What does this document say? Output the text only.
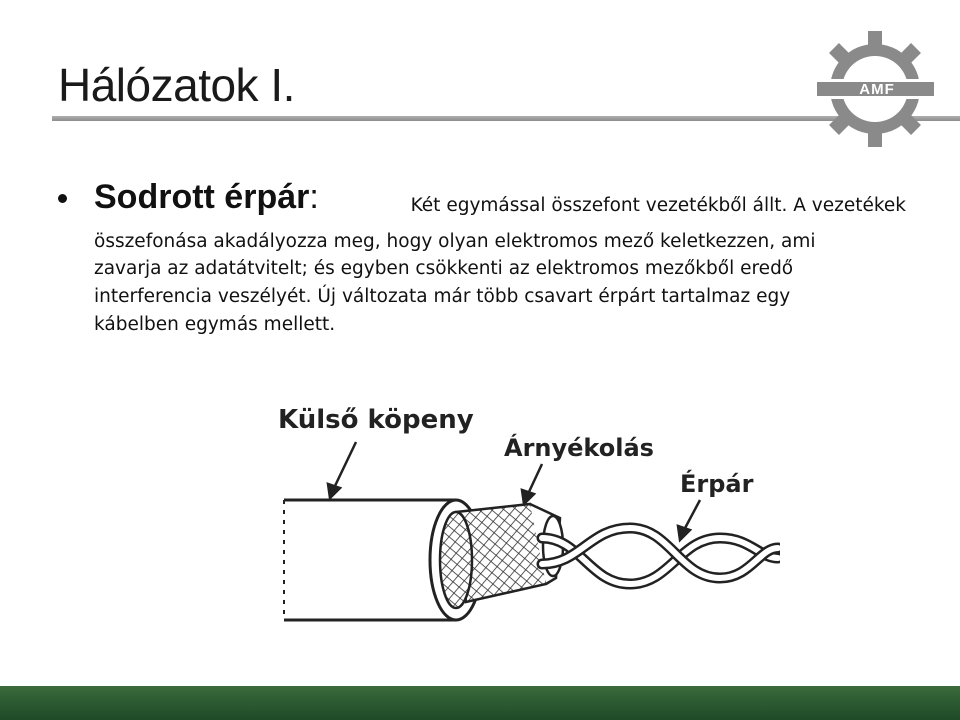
Hálózatok I.	AMF
Sodrott érpár:	Két egymással összefont vezetékből állt. A vezetékek
összefonása akadályozza meg, hogy olyan elektromos mező keletkezzen, ami
zavarja az adatátvitelt; és egyben csökkenti az elektromos mezőkből eredő
interferencia veszélyét. Új változata már több csavart érpárt tartalmaz egy
kábelben egymás mellett.
Külső köpeny
Árnyékolás
Érpár
